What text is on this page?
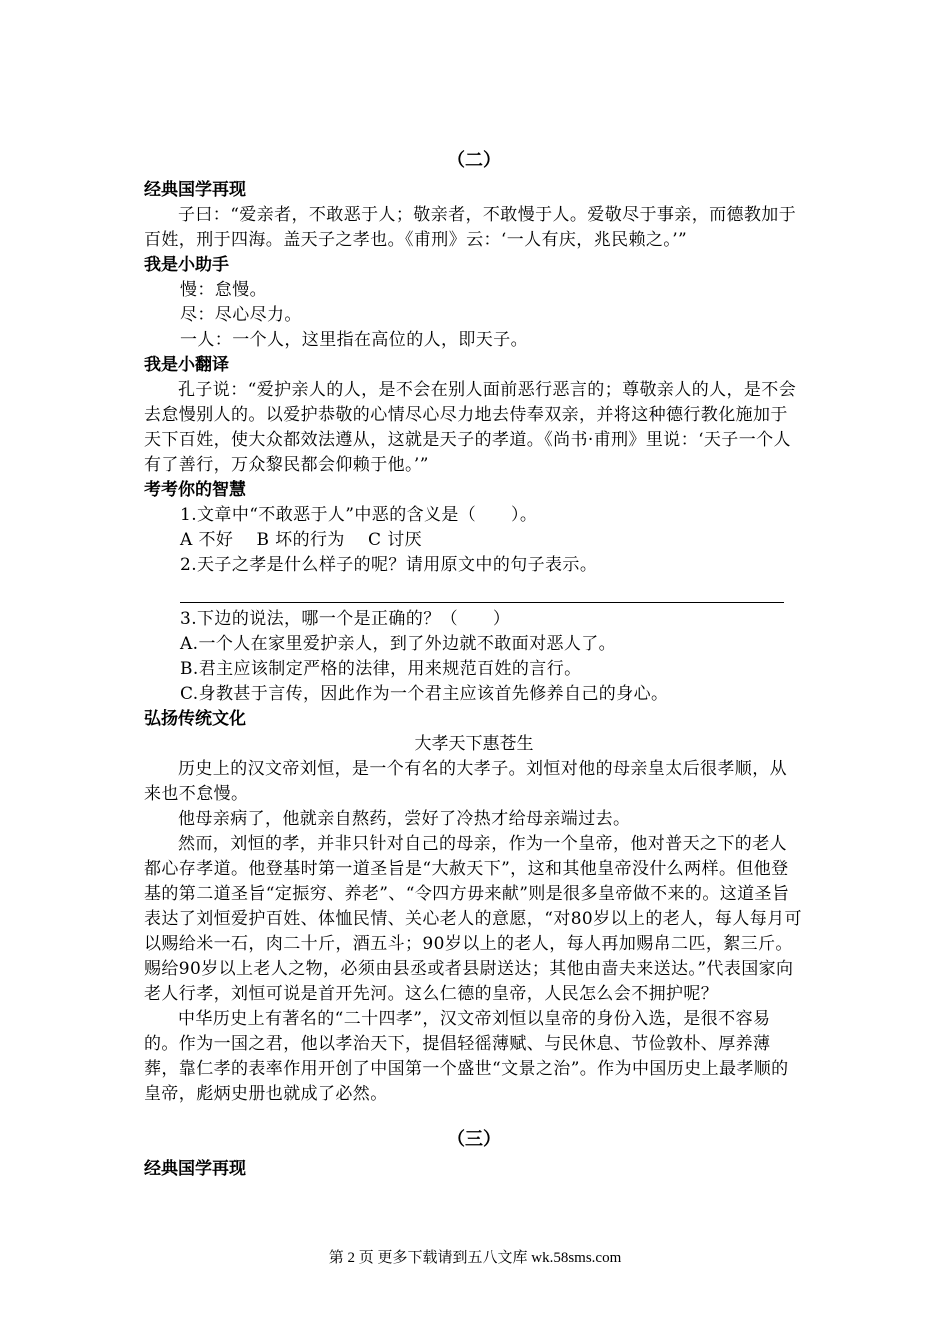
（二）

经典国学再现

子曰：“爱亲者，不敢恶于人；敬亲者，不敢慢于人。爱敬尽于事亲，而德教加于百姓，刑于四海。盖天子之孝也。《甫刑》云：‘一人有庆，兆民赖之。’”

我是小助手

慢：怠慢。

尽：尽心尽力。

一人：一个人，这里指在高位的人，即天子。

我是小翻译

孔子说：“爱护亲人的人，是不会在别人面前恶行恶言的；尊敬亲人的人，是不会去怠慢别人的。以爱护恭敬的心情尽心尽力地去侍奉双亲，并将这种德行教化施加于天下百姓，使大众都效法遵从，这就是天子的孝道。《尚书·甫刑》里说：‘天子一个人有了善行，万众黎民都会仰赖于他。’”

考考你的智慧

1.文章中“不敢恶于人”中恶的含义是（　　）。

A 不好　 B 坏的行为　 C 讨厌

2.天子之孝是什么样子的呢？请用原文中的句子表示。

3.下边的说法，哪一个是正确的？（　　）

A.一个人在家里爱护亲人，到了外边就不敢面对恶人了。

B.君主应该制定严格的法律，用来规范百姓的言行。

C.身教甚于言传，因此作为一个君主应该首先修养自己的身心。

弘扬传统文化

大孝天下惠苍生

历史上的汉文帝刘恒，是一个有名的大孝子。刘恒对他的母亲皇太后很孝顺，从来也不怠慢。

他母亲病了，他就亲自熬药，尝好了冷热才给母亲端过去。

然而，刘恒的孝，并非只针对自己的母亲，作为一个皇帝，他对普天之下的老人都心存孝道。他登基时第一道圣旨是“大赦天下”，这和其他皇帝没什么两样。但他登基的第二道圣旨“定振穷、养老”、“令四方毋来献”则是很多皇帝做不来的。这道圣旨表达了刘恒爱护百姓、体恤民情、关心老人的意愿，“对80岁以上的老人，每人每月可以赐给米一石，肉二十斤，酒五斗；90岁以上的老人，每人再加赐帛二匹，絮三斤。赐给90岁以上老人之物，必须由县丞或者县尉送达；其他由啬夫来送达。”代表国家向老人行孝，刘恒可说是首开先河。这么仁德的皇帝，人民怎么会不拥护呢？

中华历史上有著名的“二十四孝”，汉文帝刘恒以皇帝的身份入选，是很不容易的。作为一国之君，他以孝治天下，提倡轻徭薄赋、与民休息、节俭敦朴、厚养薄葬，靠仁孝的表率作用开创了中国第一个盛世“文景之治”。作为中国历史上最孝顺的皇帝，彪炳史册也就成了必然。

（三）

经典国学再现

第 2 页 更多下载请到五八文库 wk.58sms.com
